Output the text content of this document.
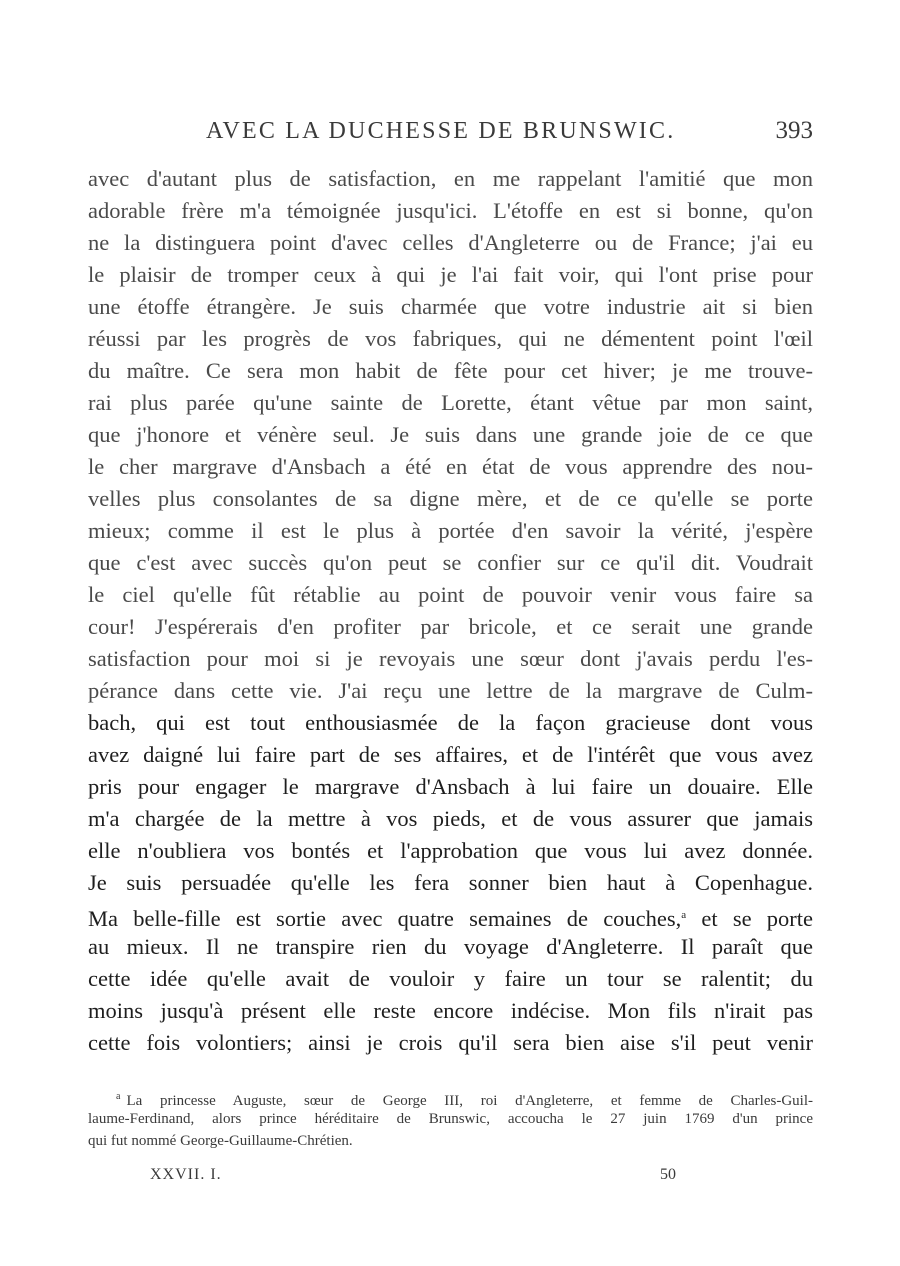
AVEC LA DUCHESSE DE BRUNSWIC.	393
avec d'autant plus de satisfaction, en me rappelant l'amitié que mon
adorable frère m'a témoignée jusqu'ici. L'étoffe en est si bonne, qu'on
ne la distinguera point d'avec celles d'Angleterre ou de France; j'ai eu
le plaisir de tromper ceux à qui je l'ai fait voir, qui l'ont prise pour
une étoffe étrangère. Je suis charmée que votre industrie ait si bien
réussi par les progrès de vos fabriques, qui ne démentent point l'œil
du maître. Ce sera mon habit de fête pour cet hiver; je me trouve-
rai plus parée qu'une sainte de Lorette, étant vêtue par mon saint,
que j'honore et vénère seul. Je suis dans une grande joie de ce que
le cher margrave d'Ansbach a été en état de vous apprendre des nou-
velles plus consolantes de sa digne mère, et de ce qu'elle se porte
mieux; comme il est le plus à portée d'en savoir la vérité, j'espère
que c'est avec succès qu'on peut se confier sur ce qu'il dit. Voudrait
le ciel qu'elle fût rétablie au point de pouvoir venir vous faire sa
cour! J'espérerais d'en profiter par bricole, et ce serait une grande
satisfaction pour moi si je revoyais une sœur dont j'avais perdu l'es-
pérance dans cette vie. J'ai reçu une lettre de la margrave de Culm-
bach, qui est tout enthousiasmée de la façon gracieuse dont vous
avez daigné lui faire part de ses affaires, et de l'intérêt que vous avez
pris pour engager le margrave d'Ansbach à lui faire un douaire. Elle
m'a chargée de la mettre à vos pieds, et de vous assurer que jamais
elle n'oubliera vos bontés et l'approbation que vous lui avez donnée.
Je suis persuadée qu'elle les fera sonner bien haut à Copenhague.
Ma belle-fille est sortie avec quatre semaines de couches,$^a$ et se porte
au mieux. Il ne transpire rien du voyage d'Angleterre. Il paraît que
cette idée qu'elle avait de vouloir y faire un tour se ralentit; du
moins jusqu'à présent elle reste encore indécise. Mon fils n'irait pas
cette fois volontiers; ainsi je crois qu'il sera bien aise s'il peut venir
$^a$ La princesse Auguste, sœur de George III, roi d'Angleterre, et femme de Charles-Guil-
laume-Ferdinand, alors prince héréditaire de Brunswic, accoucha le 27 juin 1769 d'un prince
qui fut nommé George-Guillaume-Chrétien.
XXVII. I.	50
